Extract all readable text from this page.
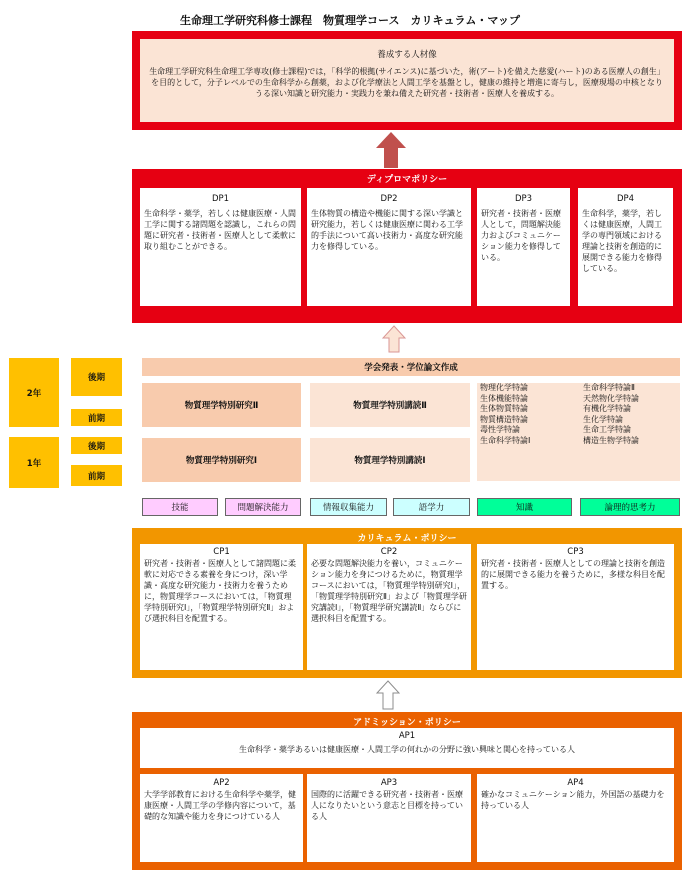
生命理工学研究科修士課程　物質理学コース　カリキュラム・マップ
養成する人材像
生命理工学研究科生命理工学専攻(修士課程)では，「科学的根拠(サイエンス)に基づいた，術(アート)を備えた慈愛(ハート)のある医療人の創生」を目的として，分子レベルでの生命科学から創薬，および化学療法と人間工学を基盤とし，健康の維持と増進に寄与し，医療現場の中核となりうる深い知識と研究能力・実践力を兼ね備えた研究者・技術者・医療人を養成する。
ディプロマポリシー
DP1
生命科学・薬学，若しくは健康医療・人間工学に関する諸問題を認識し，これらの問題に研究者・技術者・医療人として柔軟に取り組むことができる。
DP2
生体物質の構造や機能に関する深い学識と研究能力，若しくは健康医療に関わる工学的手法について高い技術力・高度な研究能力を修得している。
DP3
研究者・技術者・医療人として，問題解決能力およびコミュニケーション能力を修得している。
DP4
生命科学，薬学，若しくは健康医療，人間工学の専門領域における理論と技術を創造的に展開できる能力を修得している。
2年
1年
後期
前期
後期
前期
学会発表・学位論文作成
物質理学特別研究Ⅱ	物質理学特別講読Ⅱ
物質理学特別研究Ⅰ	物質理学特別講読Ⅰ
物理化学特論
生体機能特論
生体物質特論
物質構造特論
毒性学特論
生命科学特論Ⅰ
生命科学特論Ⅱ
天然物化学特論
有機化学特論
生化学特論
生命工学特論
構造生物学特論
技能	問題解決能力	情報収集能力	語学力	知識	論理的思考力
カリキュラム・ポリシー
CP1
研究者・技術者・医療人として諸問題に柔軟に対応できる素養を身につけ，深い学識・高度な研究能力・技術力を養うために，物質理学コースにおいては，「物質理学特別研究Ⅰ」，「物質理学特別研究Ⅱ」および選択科目を配置する。
CP2
必要な問題解決能力を養い，コミュニケーション能力を身につけるために，物質理学コースにおいては，「物質理学特別研究Ⅰ」，「物質理学特別研究Ⅱ」および「物質理学研究講読Ⅰ」，「物質理学研究講読Ⅱ」ならびに選択科目を配置する。
CP3
研究者・技術者・医療人としての理論と技術を創造的に展開できる能力を養うために，多様な科目を配置する。
アドミッション・ポリシー
AP1
生命科学・薬学あるいは健康医療・人間工学の何れかの分野に強い興味と関心を持っている人
AP2
大学学部教育における生命科学や薬学，健康医療・人間工学の学修内容について，基礎的な知識や能力を身につけている人
AP3
国際的に活躍できる研究者・技術者・医療人になりたいという意志と目標を持っている人
AP4
確かなコミュニケーション能力，外国語の基礎力を持っている人
